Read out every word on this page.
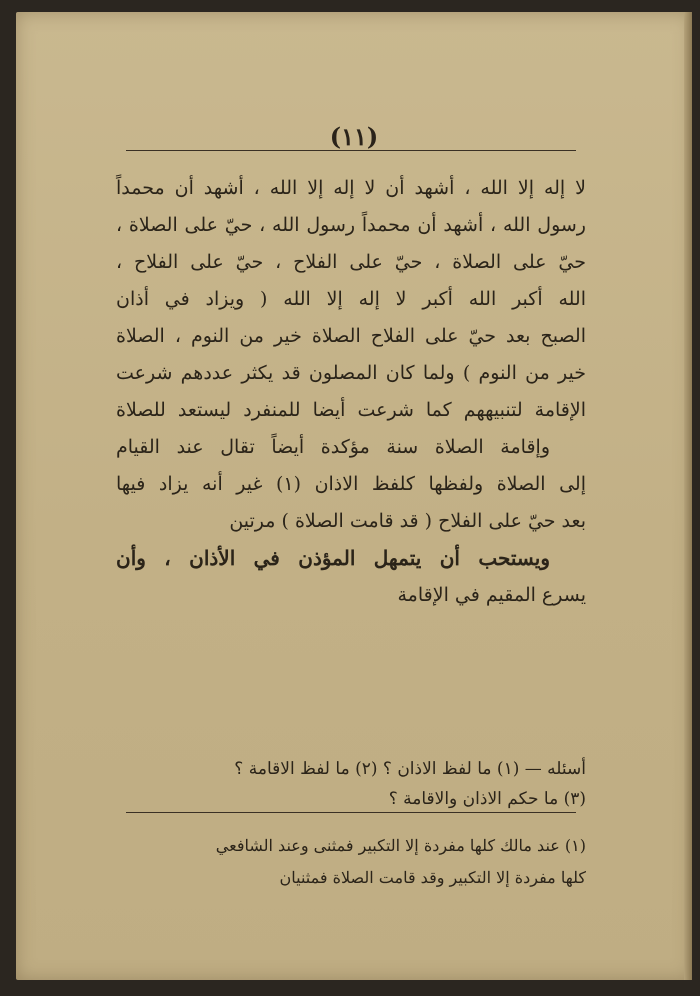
(١١)
لا إله إلا الله ، أشهد أن لا إله إلا الله ، أشهد أن محمداً
رسول الله ، أشهد أن محمداً رسول الله ، حيّ على الصلاة ،
حيّ على الصلاة ، حيّ على الفلاح ، حيّ على الفلاح ،
الله أكبر الله أكبر لا إله إلا الله ( ويزاد في أذان
الصبح بعد حيّ على الفلاح الصلاة خير من النوم ، الصلاة
خير من النوم ) ولما كان المصلون قد يكثر عددهم شرعت
الإقامة لتنبيههم كما شرعت أيضا للمنفرد ليستعد للصلاة
وإقامة الصلاة سنة مؤكدة أيضاً تقال عند القيام
إلى الصلاة ولفظها كلفظ الاذان (١) غير أنه يزاد فيها
بعد حيّ على الفلاح ( قد قامت الصلاة ) مرتين
ويستحب أن يتمهل المؤذن في الأذان ، وأن
يسرع المقيم في الإقامة
أسئله — (١) ما لفظ الاذان ؟ (٢) ما لفظ الاقامة ؟
(٣) ما حكم الاذان والاقامة ؟
(١) عند مالك كلها مفردة إلا التكبير فمثنى وعند الشافعي
كلها مفردة إلا التكبير وقد قامت الصلاة فمثنيان
